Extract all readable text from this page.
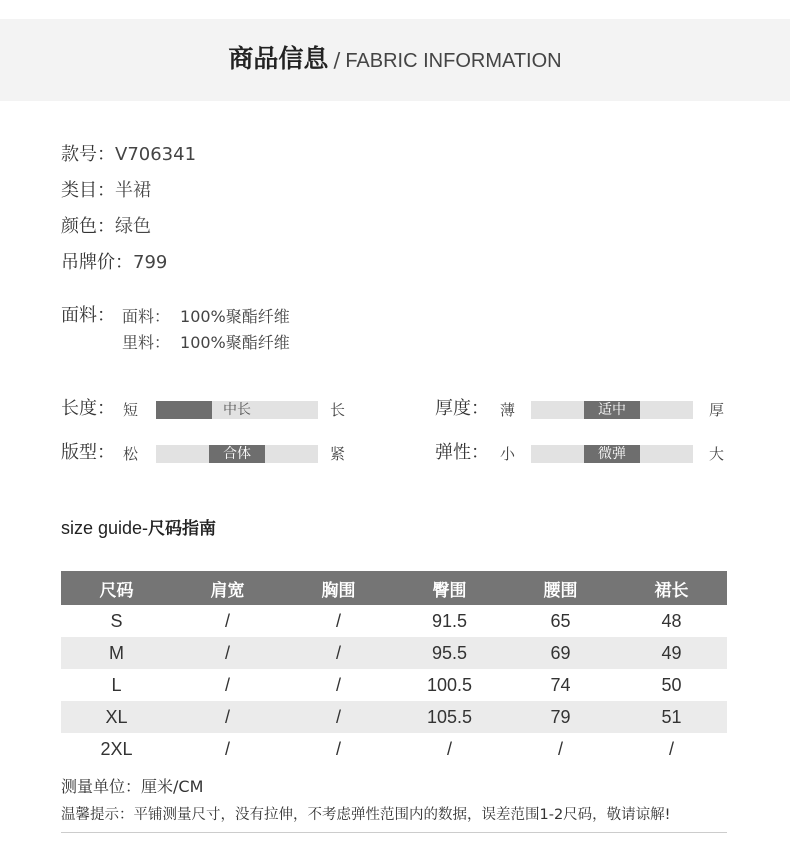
商品信息 / FABRIC INFORMATION
款号：V706341
类目：半裙
颜色：绿色
吊牌价：799
面料： 面料： 100%聚酯纤维
里料： 100%聚酯纤维
长度： 短	中长	长	厚度： 薄	适中	厚
版型： 松	合体	紧	弹性： 小	微弹	大
size guide-尺码指南
尺码	肩宽	胸围	臀围	腰围	裙长
S	/	/	91.5	65	48
M	/	/	95.5	69	49
L	/	/	100.5	74	50
XL	/	/	105.5	79	51
2XL	/	/	/	/	/
测量单位：厘米/CM
温馨提示：平铺测量尺寸，没有拉伸，不考虑弹性范围内的数据，误差范围1-2尺码，敬请谅解!
